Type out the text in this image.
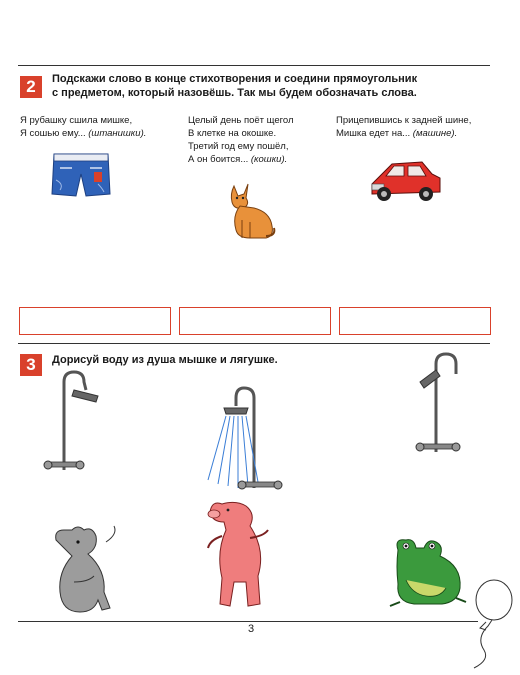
2	Подскажи слово в конце стихотворения и соедини прямоугольник
с предметом, который назовёшь. Так мы будем обозначать слова.
Я рубашку сшила мишке,
Я сошью ему... (штанишки).
Целый день поёт щегол
В клетке на окошке.
Третий год ему пошёл,
А он боится... (кошки).
Прицепившись к задней шине,
Мишка едет на... (машине).
3	Дорисуй воду из душа мышке и лягушке.
3
